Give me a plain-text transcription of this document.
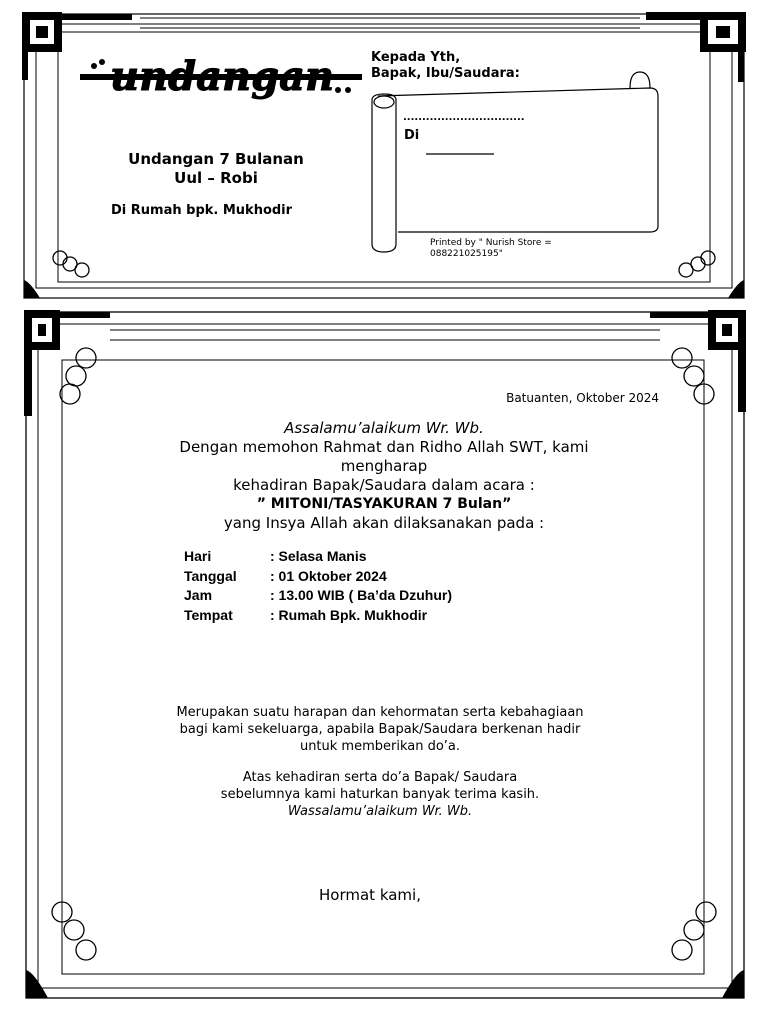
undangan
Undangan 7 Bulanan
Uul – Robi
Di Rumah bpk. Mukhodir
Kepada Yth,
Bapak, Ibu/Saudara:
................................
Di
Printed by " Nurish Store = 088221025195"
Batuanten, Oktober 2024
Assalamu’alaikum Wr. Wb.
Dengan memohon Rahmat dan Ridho Allah SWT, kami
mengharap
kehadiran Bapak/Saudara dalam acara :
” MITONI/TASYAKURAN 7 Bulan”
yang Insya Allah akan dilaksanakan pada :
Hari	: Selasa Manis
Tanggal	: 01 Oktober 2024
Jam	: 13.00 WIB ( Ba’da Dzuhur)
Tempat	: Rumah Bpk. Mukhodir
Merupakan suatu harapan dan kehormatan serta kebahagiaan
bagi kami sekeluarga, apabila Bapak/Saudara berkenan hadir
untuk memberikan do’a.
Atas kehadiran serta do’a Bapak/ Saudara
sebelumnya kami haturkan banyak terima kasih.
Wassalamu’alaikum Wr. Wb.
Hormat kami,
